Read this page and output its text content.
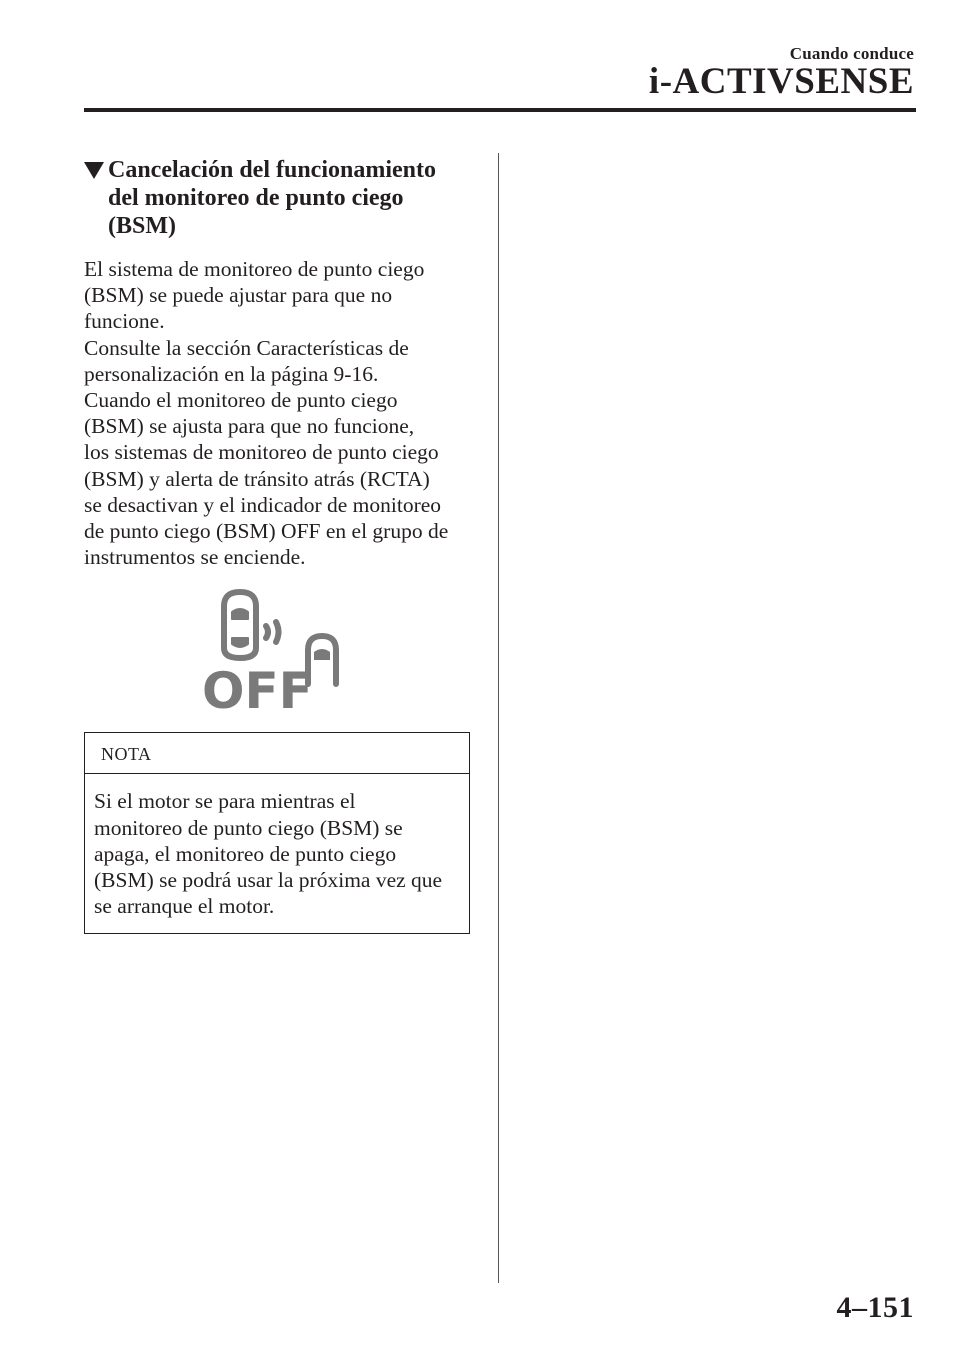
Cuando conduce
i-ACTIVSENSE
Cancelación del funcionamiento
del monitoreo de punto ciego
(BSM)

El sistema de monitoreo de punto ciego

(BSM) se puede ajustar para que no

funcione.

Consulte la sección Características de

personalización en la página 9-16.

Cuando el monitoreo de punto ciego

(BSM) se ajusta para que no funcione,

los sistemas de monitoreo de punto ciego

(BSM) y alerta de tránsito atrás (RCTA)

se desactivan y el indicador de monitoreo

de punto ciego (BSM) OFF en el grupo de

instrumentos se enciende.

OFF
NOTA
Si el motor se para mientras el
monitoreo de punto ciego (BSM) se
apaga, el monitoreo de punto ciego
(BSM) se podrá usar la próxima vez que
se arranque el motor.
4–151
